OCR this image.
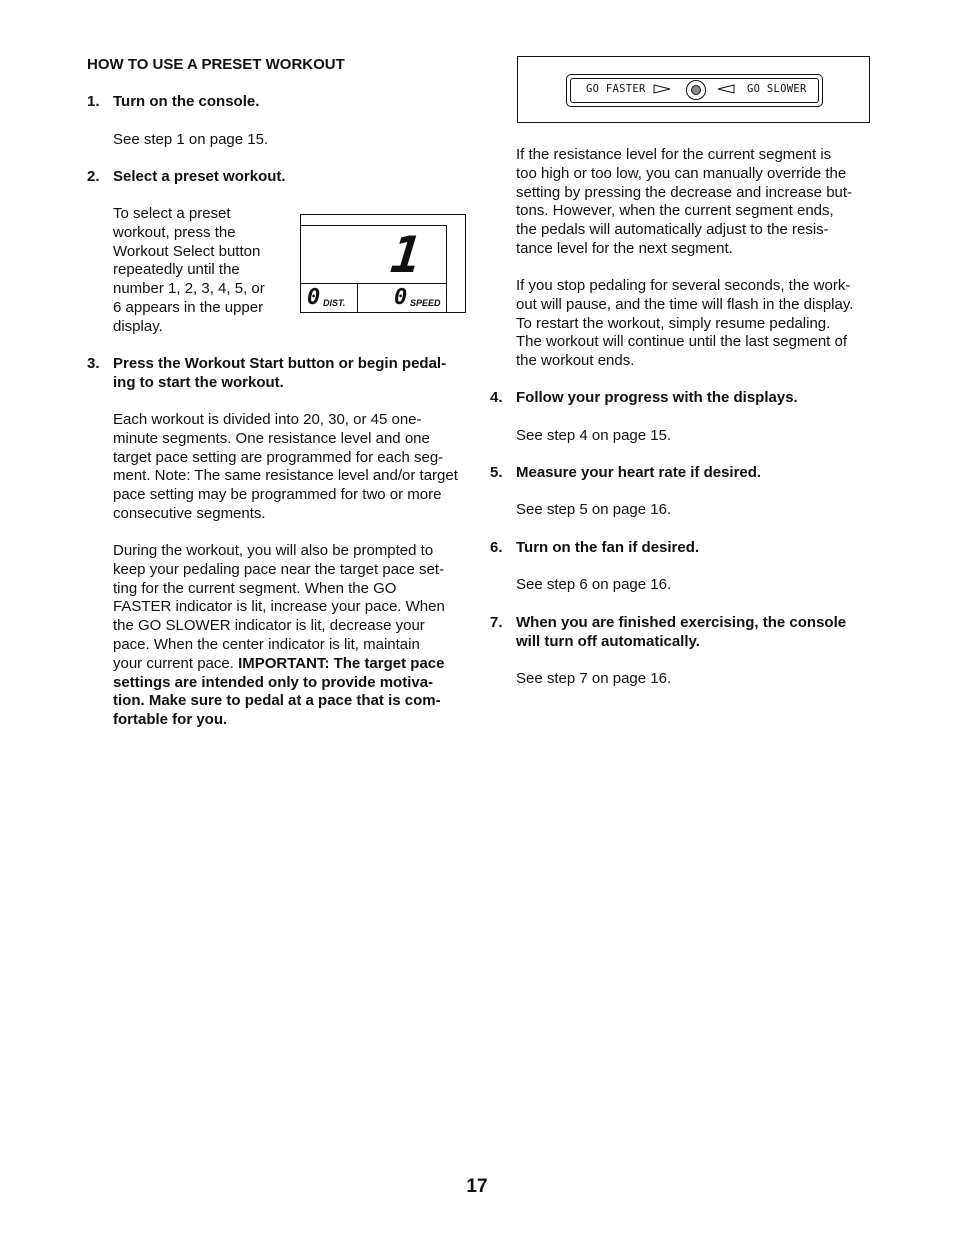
HOW TO USE A PRESET WORKOUT

1. Turn on the console.

See step 1 on page 15.

2. Select a preset workout.
To select a preset
workout, press the
Workout Select button
repeatedly until the
number 1, 2, 3, 4, 5, or
6 appears in the upper
display.
3. Press the Workout Start button or begin pedal-
ing to start the workout.
Each workout is divided into 20, 30, or 45 one-
minute segments. One resistance level and one
target pace setting are programmed for each seg-
ment. Note: The same resistance level and/or target
pace setting may be programmed for two or more
consecutive segments.
During the workout, you will also be prompted to
keep your pedaling pace near the target pace set-
ting for the current segment. When the GO
FASTER indicator is lit, increase your pace. When
the GO SLOWER indicator is lit, decrease your
pace. When the center indicator is lit, maintain
your current pace. IMPORTANT: The target pace
settings are intended only to provide motiva-
tion. Make sure to pedal at a pace that is com-
fortable for you.
1
0 DIST. 0 SPEED
GO FASTER	GO SLOWER
If the resistance level for the current segment is
too high or too low, you can manually override the
setting by pressing the decrease and increase but-
tons. However, when the current segment ends,
the pedals will automatically adjust to the resis-
tance level for the next segment.
If you stop pedaling for several seconds, the work-
out will pause, and the time will flash in the display.
To restart the workout, simply resume pedaling.
The workout will continue until the last segment of
the workout ends.
4. Follow your progress with the displays.

See step 4 on page 15.

5. Measure your heart rate if desired.

See step 5 on page 16.

6. Turn on the fan if desired.

See step 6 on page 16.

7. When you are finished exercising, the console
will turn off automatically.

See step 7 on page 16.

17
